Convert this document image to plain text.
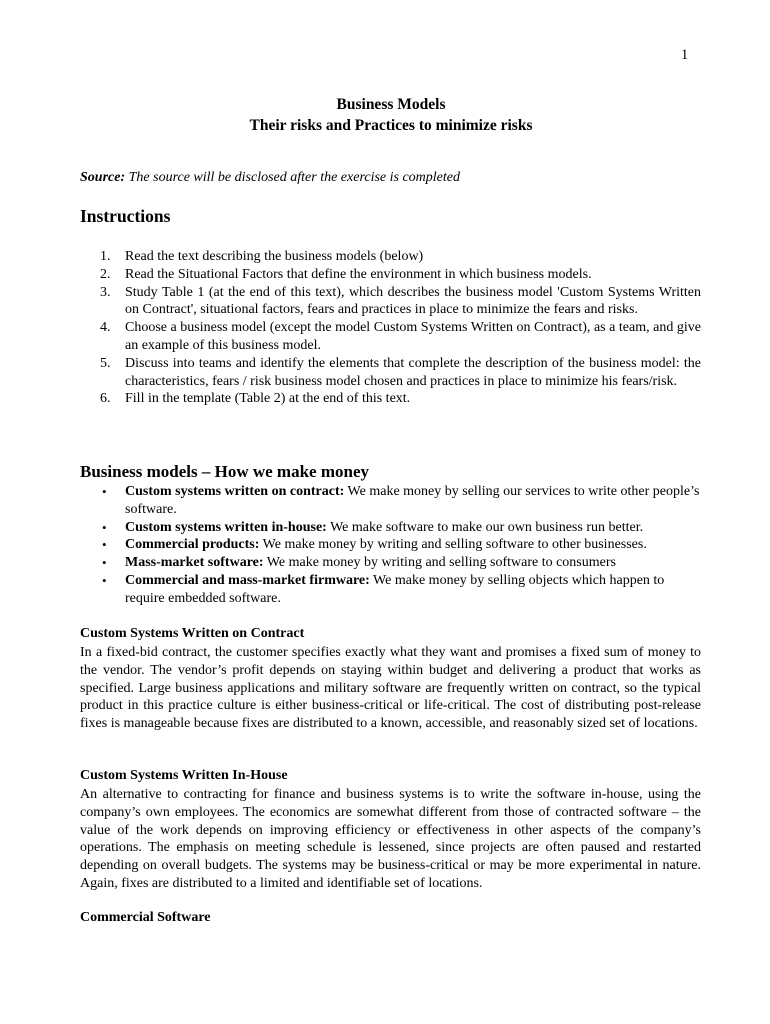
1
Business Models
Their risks and Practices to minimize risks
Source: The source will be disclosed after the exercise is completed
Instructions
1. Read the text describing the business models (below)
2. Read the Situational Factors that define the environment in which business models.
3. Study Table 1 (at the end of this text), which describes the business model 'Custom Systems Written on Contract', situational factors, fears and practices in place to minimize the fears and risks.
4. Choose a business model (except the model Custom Systems Written on Contract), as a team, and give an example of this business model.
5. Discuss into teams and identify the elements that complete the description of the business model: the characteristics, fears / risk business model chosen and practices in place to minimize his fears/risk.
6. Fill in the template (Table 2) at the end of this text.
Business models – How we make money
• Custom systems written on contract: We make money by selling our services to write other people’s software.
• Custom systems written in-house: We make software to make our own business run better.
• Commercial products: We make money by writing and selling software to other businesses.
• Mass-market software: We make money by writing and selling software to consumers
• Commercial and mass-market firmware: We make money by selling objects which happen to require embedded software.
Custom Systems Written on Contract

In a fixed-bid contract, the customer specifies exactly what they want and promises a fixed sum of money to the vendor. The vendor’s profit depends on staying within budget and delivering a product that works as specified. Large business applications and military software are frequently written on contract, so the typical product in this practice culture is either business-critical or life-critical. The cost of distributing post-release fixes is manageable because fixes are distributed to a known, accessible, and reasonably sized set of locations.

Custom Systems Written In-House

An alternative to contracting for finance and business systems is to write the software in-house, using the company’s own employees. The economics are somewhat different from those of contracted software – the value of the work depends on improving efficiency or effectiveness in other aspects of the company’s operations. The emphasis on meeting schedule is lessened, since projects are often paused and restarted depending on overall budgets. The systems may be business-critical or may be more experimental in nature. Again, fixes are distributed to a limited and identifiable set of locations.

Commercial Software
